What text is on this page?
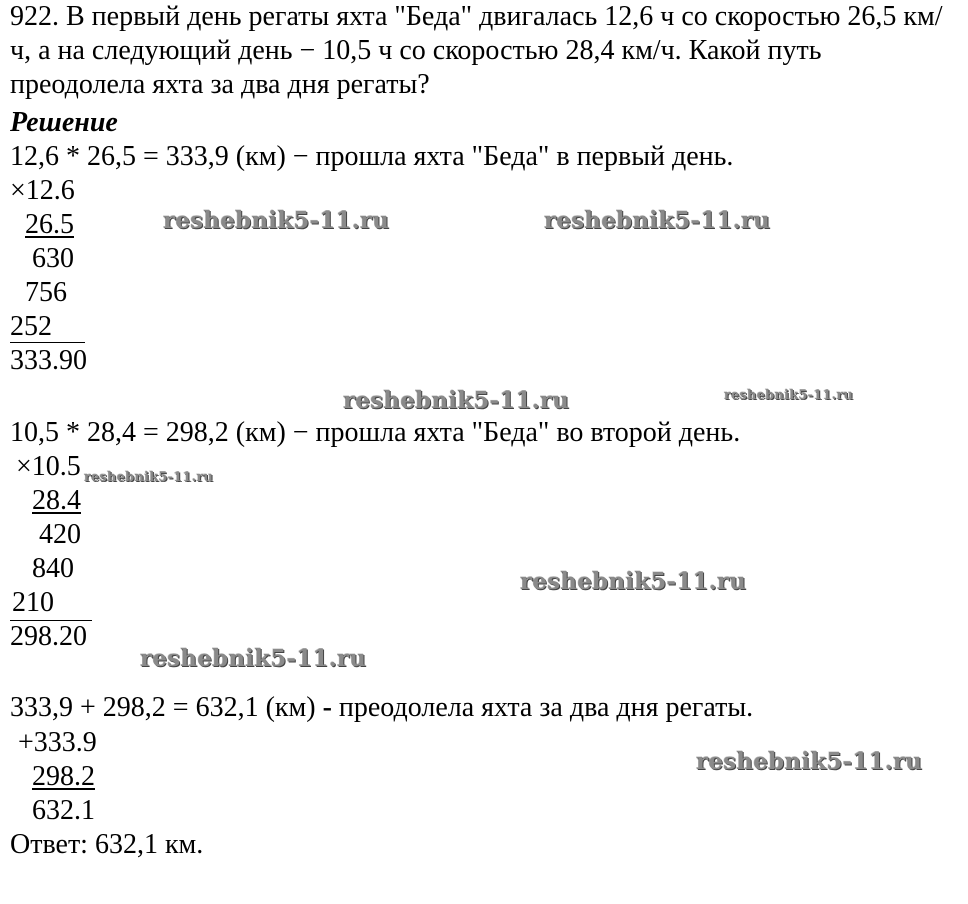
922. В первый день регаты яхта "Беда" двигалась 12,6 ч со скоростью 26,5 км/ч, а на следующий день − 10,5 ч со скоростью 28,4 км/ч. Какой путь преодолела яхта за два дня регаты?
Решение
12,6 * 26,5 = 333,9 (км) − прошла яхта "Беда" в первый день.
×12.6
26.5
630
756
252
333.90
10,5 * 28,4 = 298,2 (км) − прошла яхта "Беда" во второй день.
×10.5
28.4
420
840
210
298.20
333,9 + 298,2 = 632,1 (км) - преодолела яхта за два дня регаты.
+333.9
298.2
632.1
Ответ: 632,1 км.
reshebnik5-11.ru	reshebnik5-11.ru
reshebnik5-11.ru	reshebnik5-11.ru
reshebnik5-11.ru
reshebnik5-11.ru
reshebnik5-11.ru
reshebnik5-11.ru
